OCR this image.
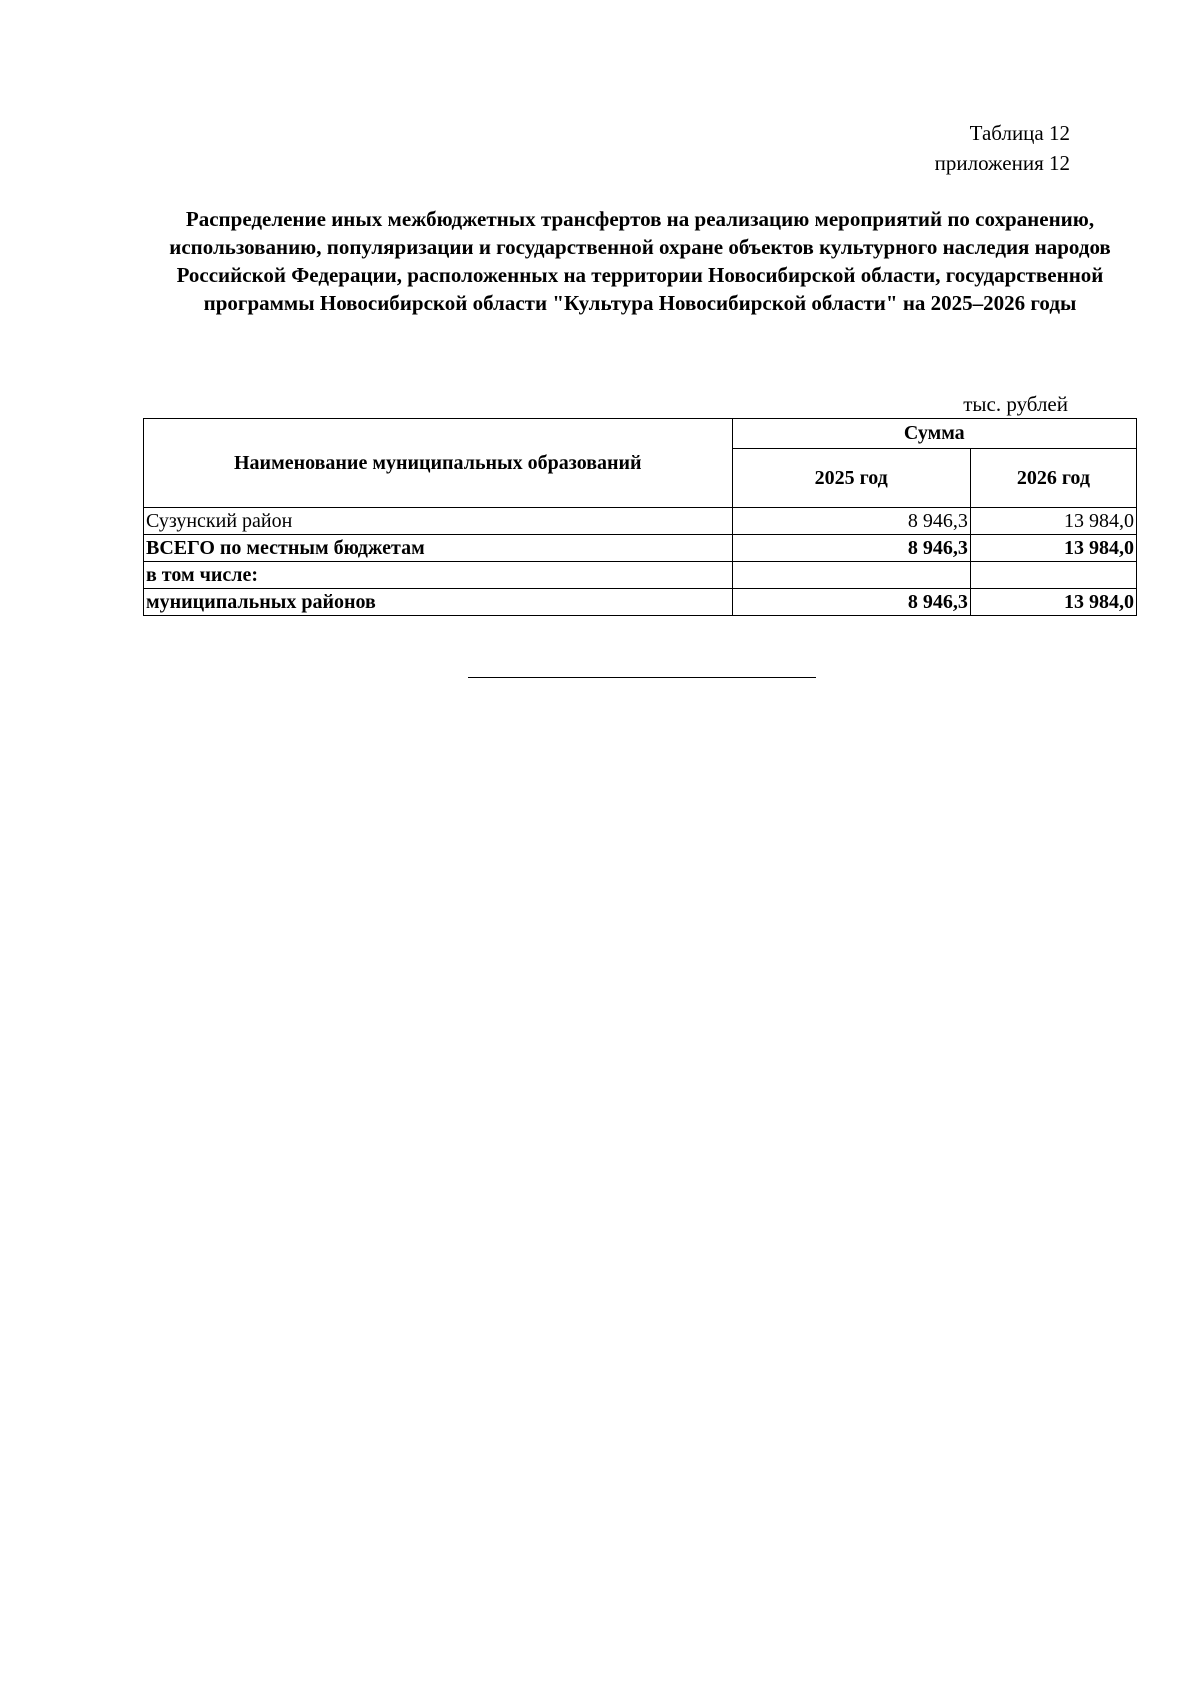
Таблица 12
приложения 12
Распределение иных межбюджетных трансфертов на реализацию мероприятий по сохранению, использованию, популяризации и государственной охране объектов культурного наследия народов Российской Федерации, расположенных на территории Новосибирской области, государственной программы Новосибирской области "Культура Новосибирской области" на 2025–2026 годы
тыс. рублей
Наименование муниципальных образований	Сумма	
	2025 год	2026 год
Сузунский район	8 946,3	13 984,0
ВСЕГО по местным бюджетам	8 946,3	13 984,0
в том числе:		
муниципальных районов	8 946,3	13 984,0
